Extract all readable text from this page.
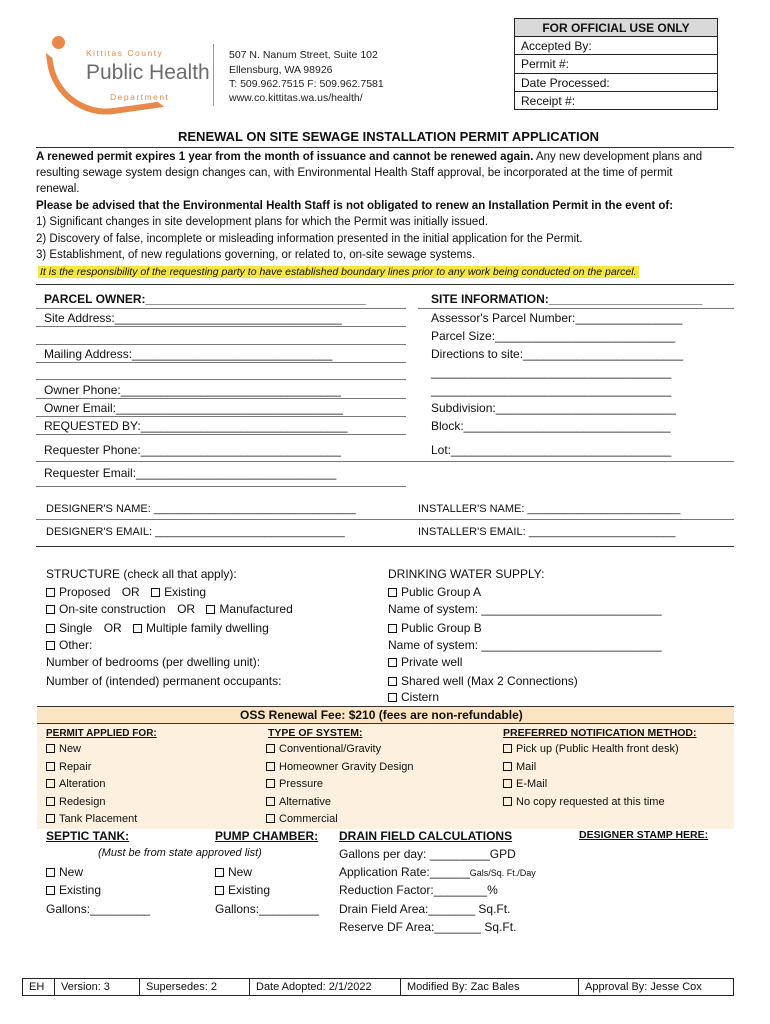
Kittitas County
Public Health
Department
507 N. Nanum Street, Suite 102
Ellensburg, WA 98926
T: 509.962.7515 F: 509.962.7581
www.co.kittitas.wa.us/health/
FOR OFFICIAL USE ONLY
Accepted By:
Permit #:
Date Processed:
Receipt #:
RENEWAL ON SITE SEWAGE INSTALLATION PERMIT APPLICATION
A renewed permit expires 1 year from the month of issuance and cannot be renewed again. Any new development plans and
resulting sewage system design changes can, with Environmental Health Staff approval, be incorporated at the time of permit
renewal.
Please be advised that the Environmental Health Staff is not obligated to renew an Installation Permit in the event of:
1) Significant changes in site development plans for which the Permit was initially issued.
2) Discovery of false, incomplete or misleading information presented in the initial application for the Permit.
3) Establishment, of new regulations governing, or related to, on-site sewage systems.
It is the responsibility of the requesting party to have established boundary lines prior to any work being conducted on the parcel.
PARCEL OWNER:_________________________________
Site Address:__________________________________
Mailing Address:______________________________
Owner Phone:_________________________________
Owner Email:__________________________________
REQUESTED BY:_______________________________
Requester Phone:______________________________
Requester Email:______________________________
SITE INFORMATION:_______________________
Assessor's Parcel Number:________________
Parcel Size:___________________________
Directions to site:________________________
____________________________________
____________________________________
Subdivision:___________________________
Block:_______________________________
Lot:_________________________________
DESIGNER'S NAME: _________________________________	INSTALLER'S NAME: _________________________
DESIGNER'S EMAIL: _______________________________	INSTALLER'S EMAIL: ________________________
STRUCTURE (check all that apply):
Proposed OR Existing
On-site construction OR Manufactured
Single OR Multiple family dwelling
Other:
Number of bedrooms (per dwelling unit):
Number of (intended) permanent occupants:
DRINKING WATER SUPPLY:
Public Group A
Name of system: ___________________________
Public Group B
Name of system: ___________________________
Private well
Shared well (Max 2 Connections)
Cistern
OSS Renewal Fee: $210 (fees are non-refundable)
PERMIT APPLIED FOR:
New
Repair
Alteration
Redesign
Tank Placement
TYPE OF SYSTEM:
Conventional/Gravity
Homeowner Gravity Design
Pressure
Alternative
Commercial
PREFERRED NOTIFICATION METHOD:
Pick up (Public Health front desk)
Mail
E-Mail
No copy requested at this time
SEPTIC TANK:	PUMP CHAMBER: DRAIN FIELD CALCULATIONS	DESIGNER STAMP HERE:
(Must be from state approved list)
New
Existing
Gallons:_________
New
Existing
Gallons:_________
Gallons per day: _________GPD
Application Rate:______Gals/Sq. Ft./Day
Reduction Factor:________%
Drain Field Area:_______ Sq.Ft.
Reserve DF Area:_______ Sq.Ft.
EH	Version: 3	Supersedes: 2	Date Adopted: 2/1/2022	Modified By: Zac Bales	Approval By: Jesse Cox
